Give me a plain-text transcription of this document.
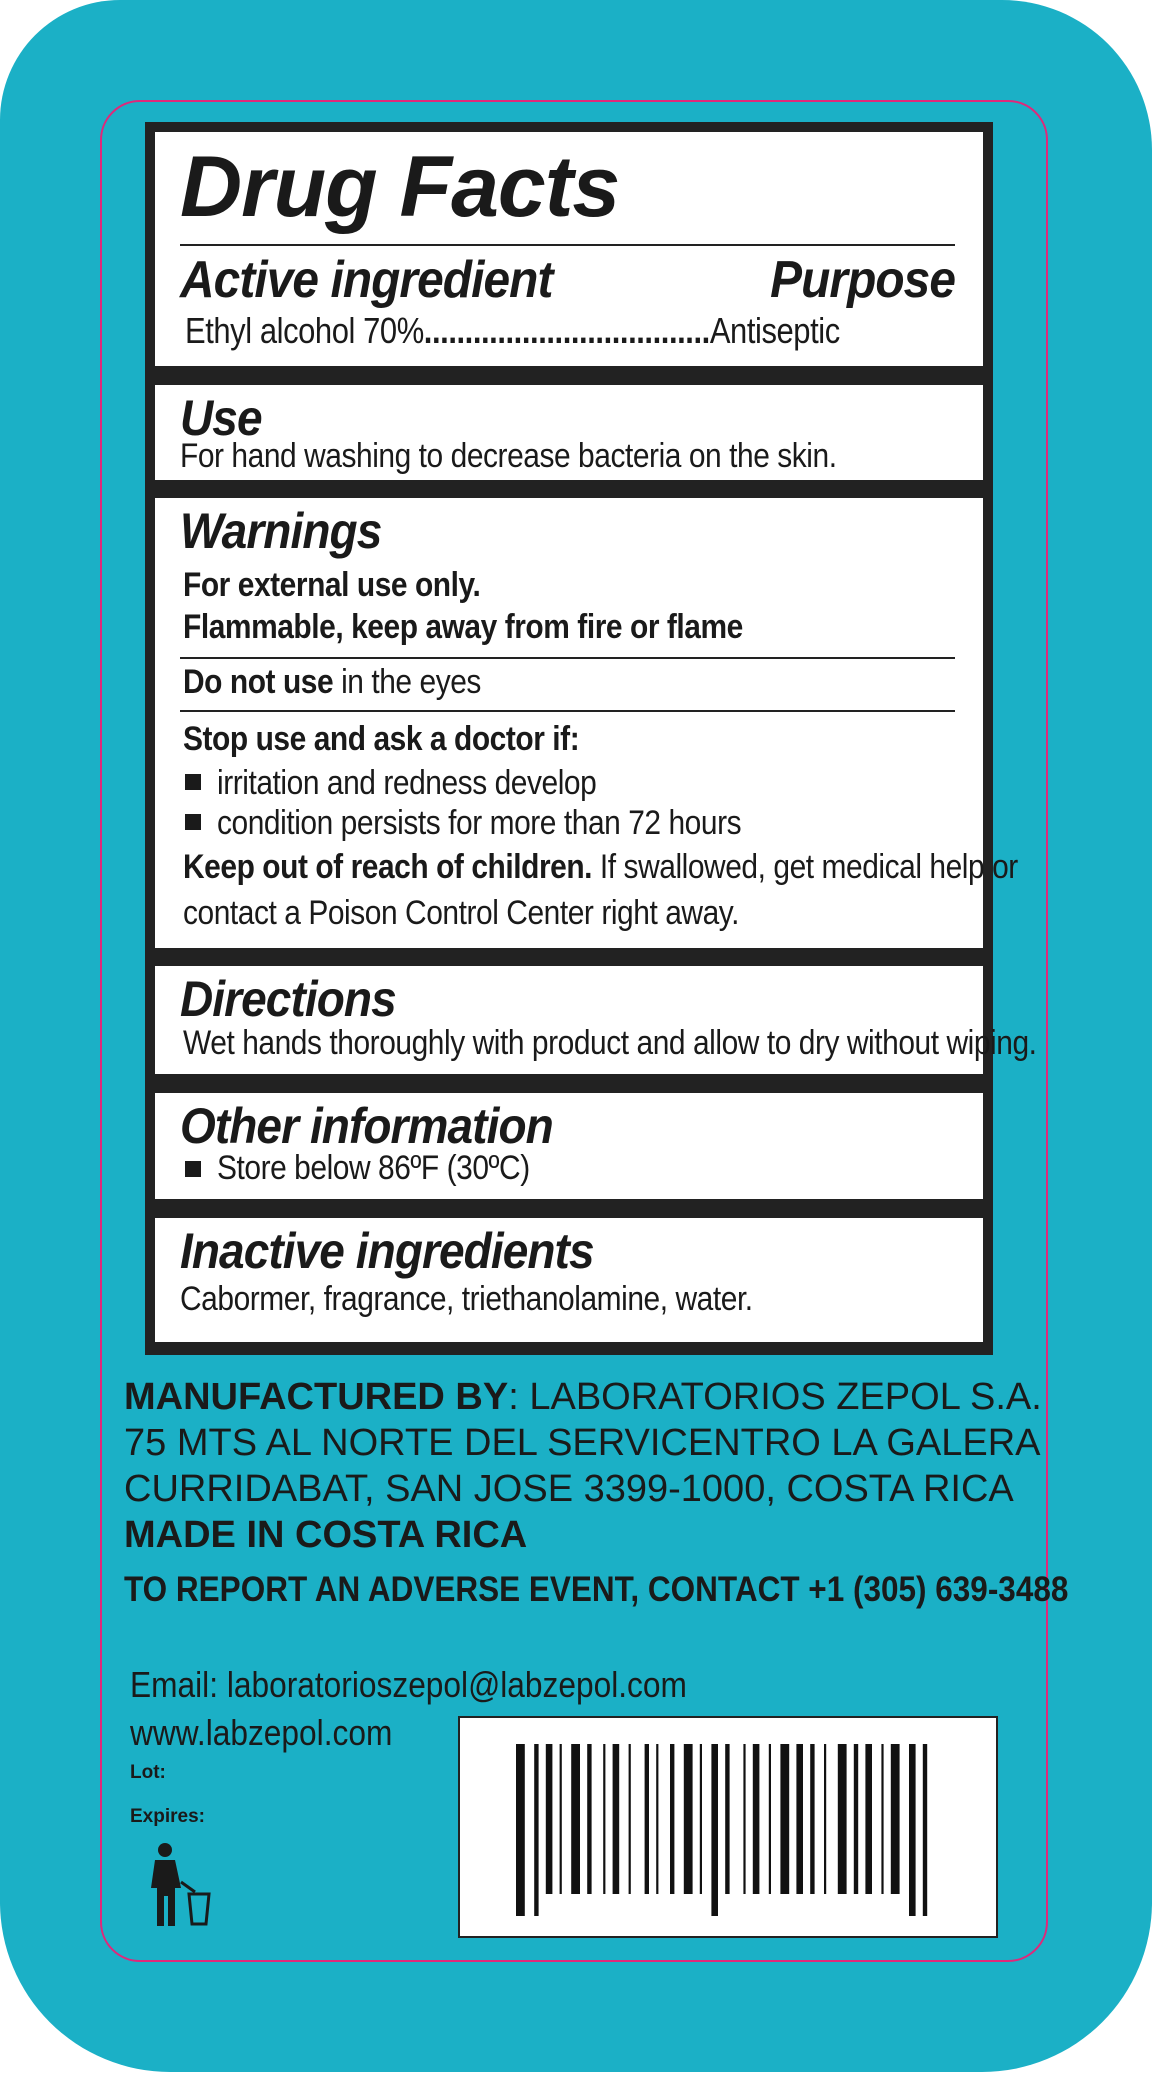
Drug Facts
Active ingredient	Purpose
Ethyl alcohol 70%...................................Antiseptic
Use
For hand washing to decrease bacteria on the skin.
Warnings
For external use only.
Flammable, keep away from fire or flame
Do not use in the eyes
Stop use and ask a doctor if:
irritation and redness develop
condition persists for more than 72 hours
Keep out of reach of children. If swallowed, get medical help or
contact a Poison Control Center right away.
Directions
Wet hands thoroughly with product and allow to dry without wiping.
Other information
Store below 86ºF (30ºC)
Inactive ingredients
Cabormer, fragrance, triethanolamine, water.
MANUFACTURED BY: LABORATORIOS ZEPOL S.A.
75 MTS AL NORTE DEL SERVICENTRO LA GALERA
CURRIDABAT, SAN JOSE 3399-1000, COSTA RICA
MADE IN COSTA RICA
TO REPORT AN ADVERSE EVENT, CONTACT +1 (305) 639-3488
Email: laboratorioszepol@labzepol.com
www.labzepol.com
Lot:
Expires:
